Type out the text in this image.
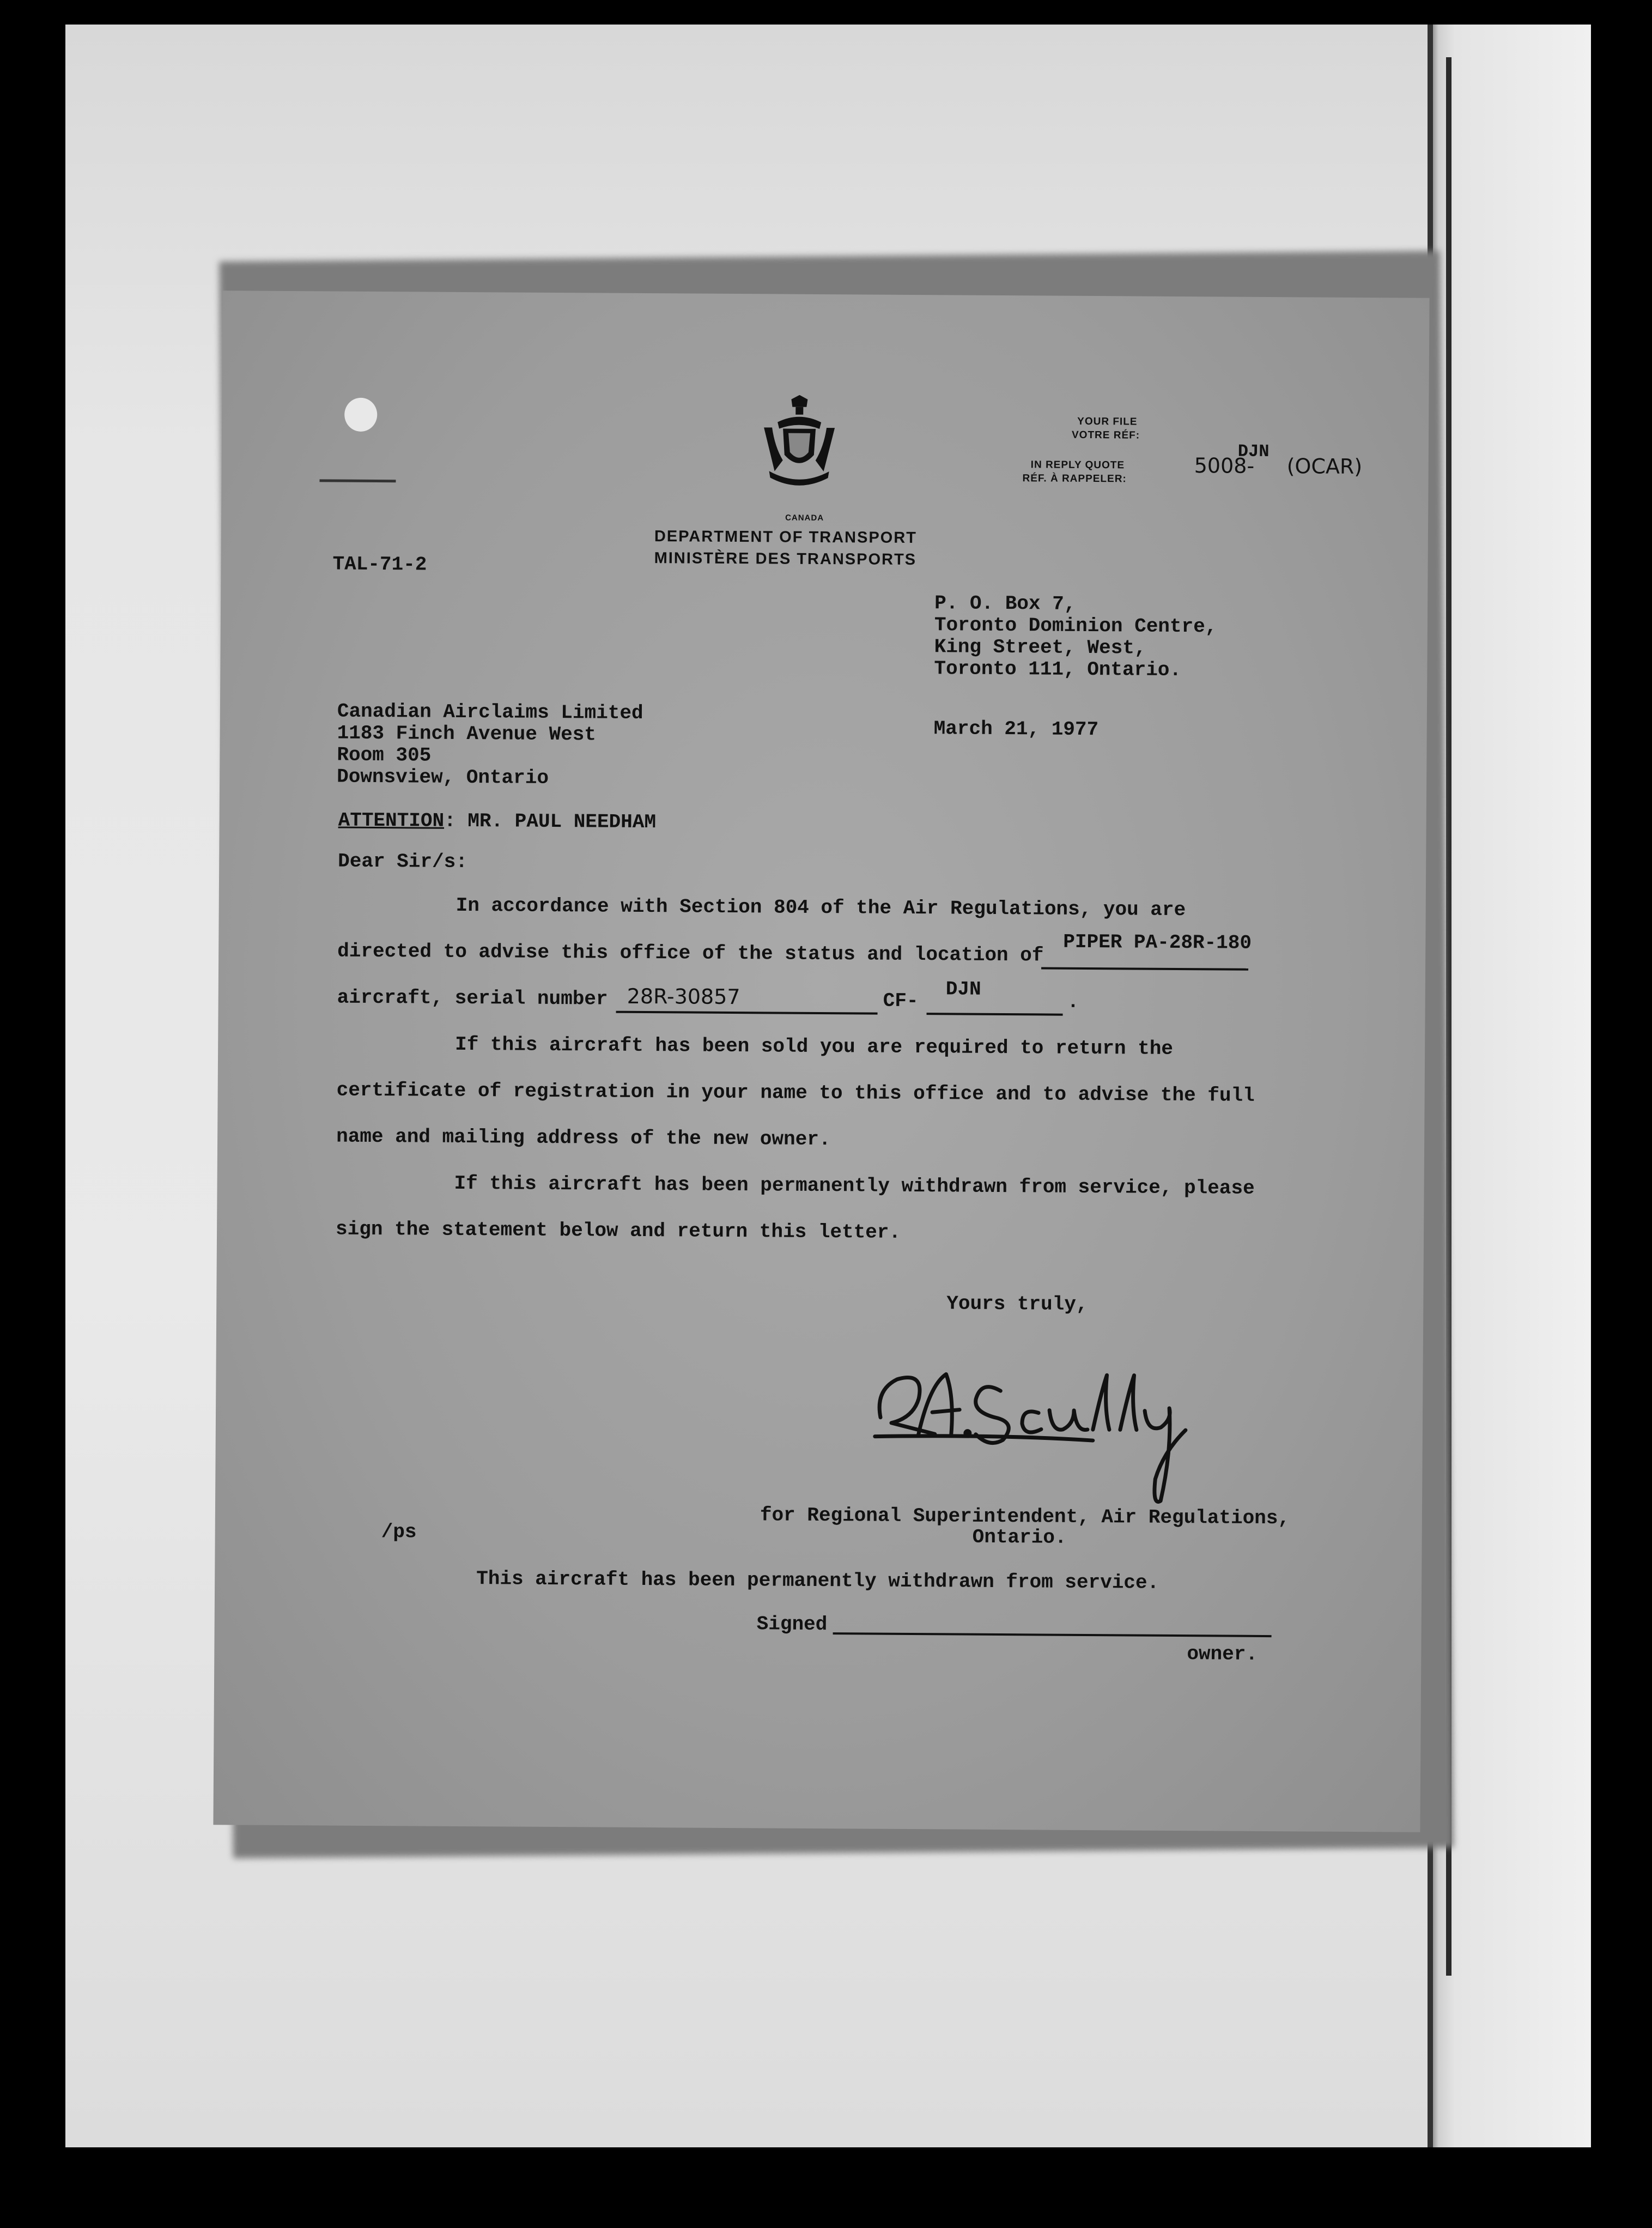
CANADA
DEPARTMENT OF TRANSPORT
MINISTÈRE DES TRANSPORTS
YOUR FILE
VOTRE RÉF:
IN REPLY QUOTE
RÉF. À RAPPELER:
5008-
DJN
(OCAR)
TAL-71-2
P. O. Box 7,
Toronto Dominion Centre,
King Street, West,
Toronto 111, Ontario.
Canadian Airclaims Limited
1183 Finch Avenue West
Room 305
Downsview, Ontario
March 21, 1977
ATTENTION: MR. PAUL NEEDHAM
Dear Sir/s:
In accordance with Section 804 of the Air Regulations, you are
directed to advise this office of the status and location of PIPER PA-28R-180
aircraft, serial number 28R-30857	CF-
DJN
.
If this aircraft has been sold you are required to return the
certificate of registration in your name to this office and to advise the full
name and mailing address of the new owner.
If this aircraft has been permanently withdrawn from service, please
sign the statement below and return this letter.
Yours truly,
for Regional Superintendent, Air Regulations,
Ontario.
/ps
This aircraft has been permanently withdrawn from service.
Signed
owner.
